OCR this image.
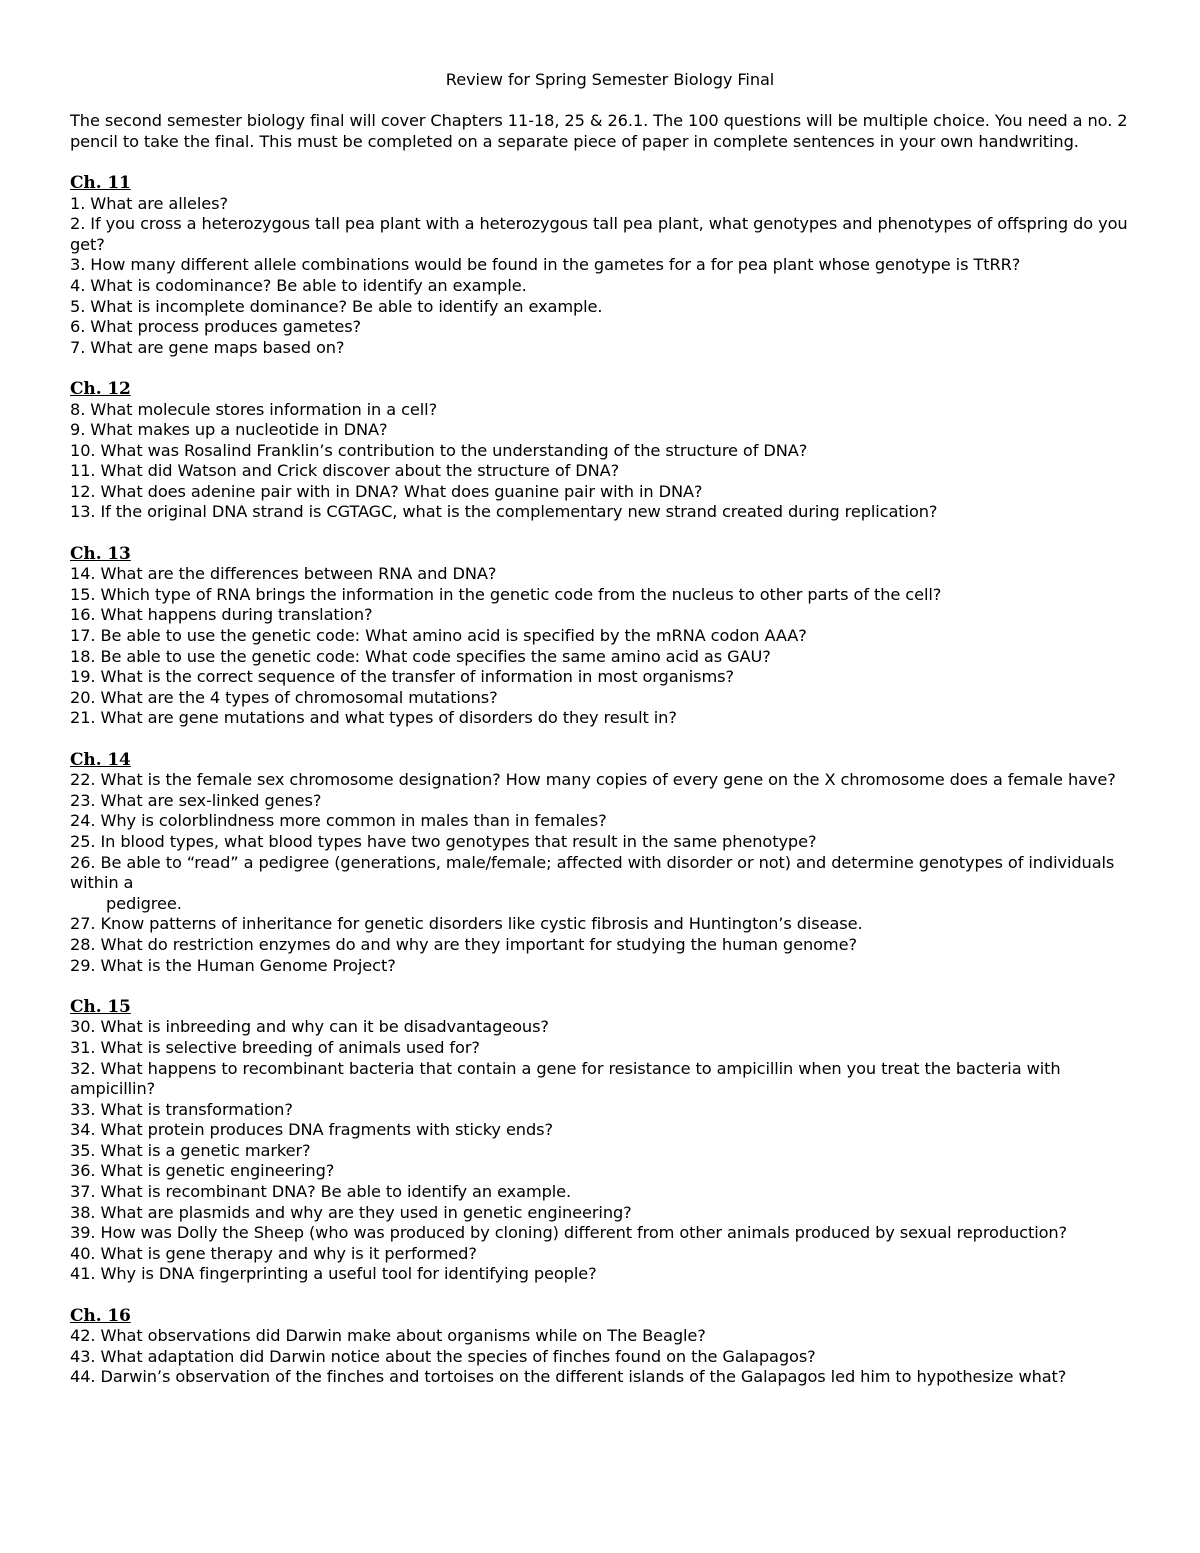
Review for Spring Semester Biology Final
The second semester biology final will cover Chapters 11-18, 25 & 26.1. The 100 questions will be multiple choice. You need a no. 2 pencil to take the final. This must be completed on a separate piece of paper in complete sentences in your own handwriting.
Ch. 11
1. What are alleles?
2. If you cross a heterozygous tall pea plant with a heterozygous tall pea plant, what genotypes and phenotypes of offspring do you get?
3. How many different allele combinations would be found in the gametes for a for pea plant whose genotype is TtRR?
4. What is codominance? Be able to identify an example.
5. What is incomplete dominance? Be able to identify an example.
6. What process produces gametes?
7. What are gene maps based on?
Ch. 12
8. What molecule stores information in a cell?
9. What makes up a nucleotide in DNA?
10. What was Rosalind Franklin’s contribution to the understanding of the structure of DNA?
11. What did Watson and Crick discover about the structure of DNA?
12. What does adenine pair with in DNA? What does guanine pair with in DNA?
13. If the original DNA strand is CGTAGC, what is the complementary new strand created during replication?
Ch. 13
14. What are the differences between RNA and DNA?
15. Which type of RNA brings the information in the genetic code from the nucleus to other parts of the cell?
16. What happens during translation?
17. Be able to use the genetic code: What amino acid is specified by the mRNA codon AAA?
18. Be able to use the genetic code: What code specifies the same amino acid as GAU?
19. What is the correct sequence of the transfer of information in most organisms?
20. What are the 4 types of chromosomal mutations?
21. What are gene mutations and what types of disorders do they result in?
Ch. 14
22. What is the female sex chromosome designation? How many copies of every gene on the X chromosome does a female have?
23. What are sex-linked genes?
24. Why is colorblindness more common in males than in females?
25. In blood types, what blood types have two genotypes that result in the same phenotype?
26. Be able to “read” a pedigree (generations, male/female; affected with disorder or not) and determine genotypes of individuals within a
pedigree.
27. Know patterns of inheritance for genetic disorders like cystic fibrosis and Huntington’s disease.
28. What do restriction enzymes do and why are they important for studying the human genome?
29. What is the Human Genome Project?
Ch. 15
30. What is inbreeding and why can it be disadvantageous?
31. What is selective breeding of animals used for?
32. What happens to recombinant bacteria that contain a gene for resistance to ampicillin when you treat the bacteria with ampicillin?
33. What is transformation?
34. What protein produces DNA fragments with sticky ends?
35. What is a genetic marker?
36. What is genetic engineering?
37. What is recombinant DNA? Be able to identify an example.
38. What are plasmids and why are they used in genetic engineering?
39. How was Dolly the Sheep (who was produced by cloning) different from other animals produced by sexual reproduction?
40. What is gene therapy and why is it performed?
41. Why is DNA fingerprinting a useful tool for identifying people?
Ch. 16
42. What observations did Darwin make about organisms while on The Beagle?
43. What adaptation did Darwin notice about the species of finches found on the Galapagos?
44. Darwin’s observation of the finches and tortoises on the different islands of the Galapagos led him to hypothesize what?
